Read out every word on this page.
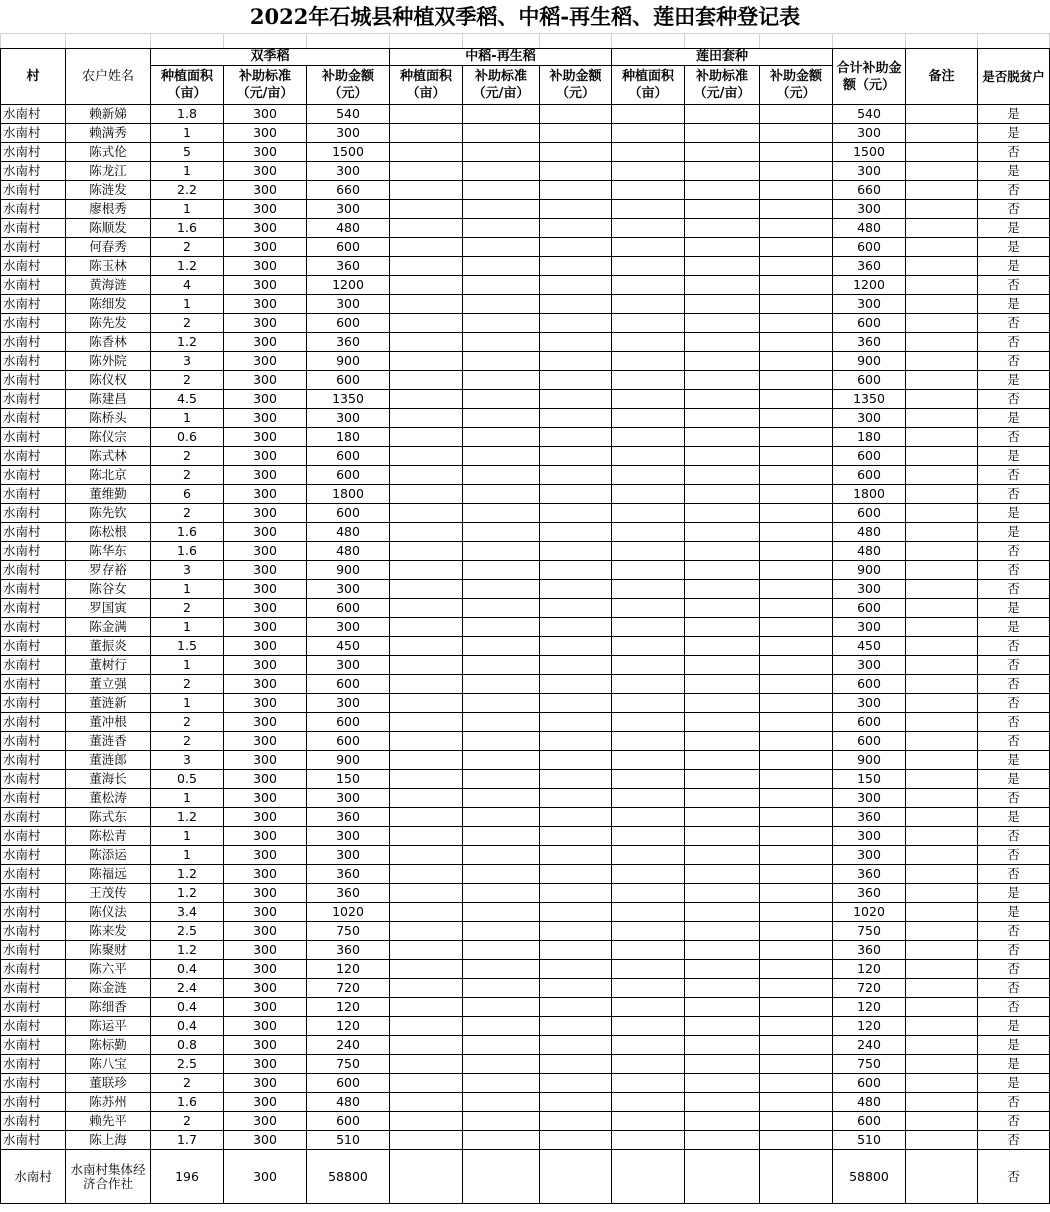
2022年石城县种植双季稻、中稻-再生稻、莲田套种登记表

村	农户姓名	双季稻			中稻-再生稻			莲田套种			合计补助金额（元）	备注	是否脱贫户
		种植面积（亩）	补助标准（元/亩）	补助金额（元）	种植面积（亩）	补助标准（元/亩）	补助金额（元）	种植面积（亩）	补助标准（元/亩）	补助金额（元）			
水南村	赖新娣	1.8	300	540							540		是
水南村	赖满秀	1	300	300							300		是
水南村	陈式伦	5	300	1500							1500		否
水南村	陈龙江	1	300	300							300		是
水南村	陈涟发	2.2	300	660							660		否
水南村	廖根秀	1	300	300							300		否
水南村	陈顺发	1.6	300	480							480		是
水南村	何春秀	2	300	600							600		是
水南村	陈玉林	1.2	300	360							360		是
水南村	黄海涟	4	300	1200							1200		否
水南村	陈细发	1	300	300							300		是
水南村	陈先发	2	300	600							600		否
水南村	陈香林	1.2	300	360							360		否
水南村	陈外院	3	300	900							900		否
水南村	陈仪权	2	300	600							600		是
水南村	陈建昌	4.5	300	1350							1350		否
水南村	陈桥头	1	300	300							300		是
水南村	陈仪宗	0.6	300	180							180		否
水南村	陈式林	2	300	600							600		是
水南村	陈北京	2	300	600							600		否
水南村	董维勤	6	300	1800							1800		否
水南村	陈先钦	2	300	600							600		是
水南村	陈松根	1.6	300	480							480		是
水南村	陈华东	1.6	300	480							480		否
水南村	罗存裕	3	300	900							900		否
水南村	陈谷女	1	300	300							300		否
水南村	罗国寅	2	300	600							600		是
水南村	陈金满	1	300	300							300		是
水南村	董振炎	1.5	300	450							450		否
水南村	董树行	1	300	300							300		否
水南村	董立强	2	300	600							600		否
水南村	董涟新	1	300	300							300		否
水南村	董冲根	2	300	600							600		否
水南村	董涟香	2	300	600							600		否
水南村	董涟郎	3	300	900							900		是
水南村	董海长	0.5	300	150							150		是
水南村	董松涛	1	300	300							300		否
水南村	陈式东	1.2	300	360							360		是
水南村	陈松青	1	300	300							300		否
水南村	陈添运	1	300	300							300		否
水南村	陈福远	1.2	300	360							360		否
水南村	王茂传	1.2	300	360							360		是
水南村	陈仪法	3.4	300	1020							1020		是
水南村	陈来发	2.5	300	750							750		否
水南村	陈聚财	1.2	300	360							360		否
水南村	陈六平	0.4	300	120							120		否
水南村	陈金涟	2.4	300	720							720		否
水南村	陈细香	0.4	300	120							120		否
水南村	陈运平	0.4	300	120							120		是
水南村	陈标勤	0.8	300	240							240		是
水南村	陈八宝	2.5	300	750							750		是
水南村	董联珍	2	300	600							600		是
水南村	陈苏州	1.6	300	480							480		否
水南村	赖先平	2	300	600							600		否
水南村	陈上海	1.7	300	510							510		否
水南村	水南村集体经济合作社	196	300	58800							58800		否
